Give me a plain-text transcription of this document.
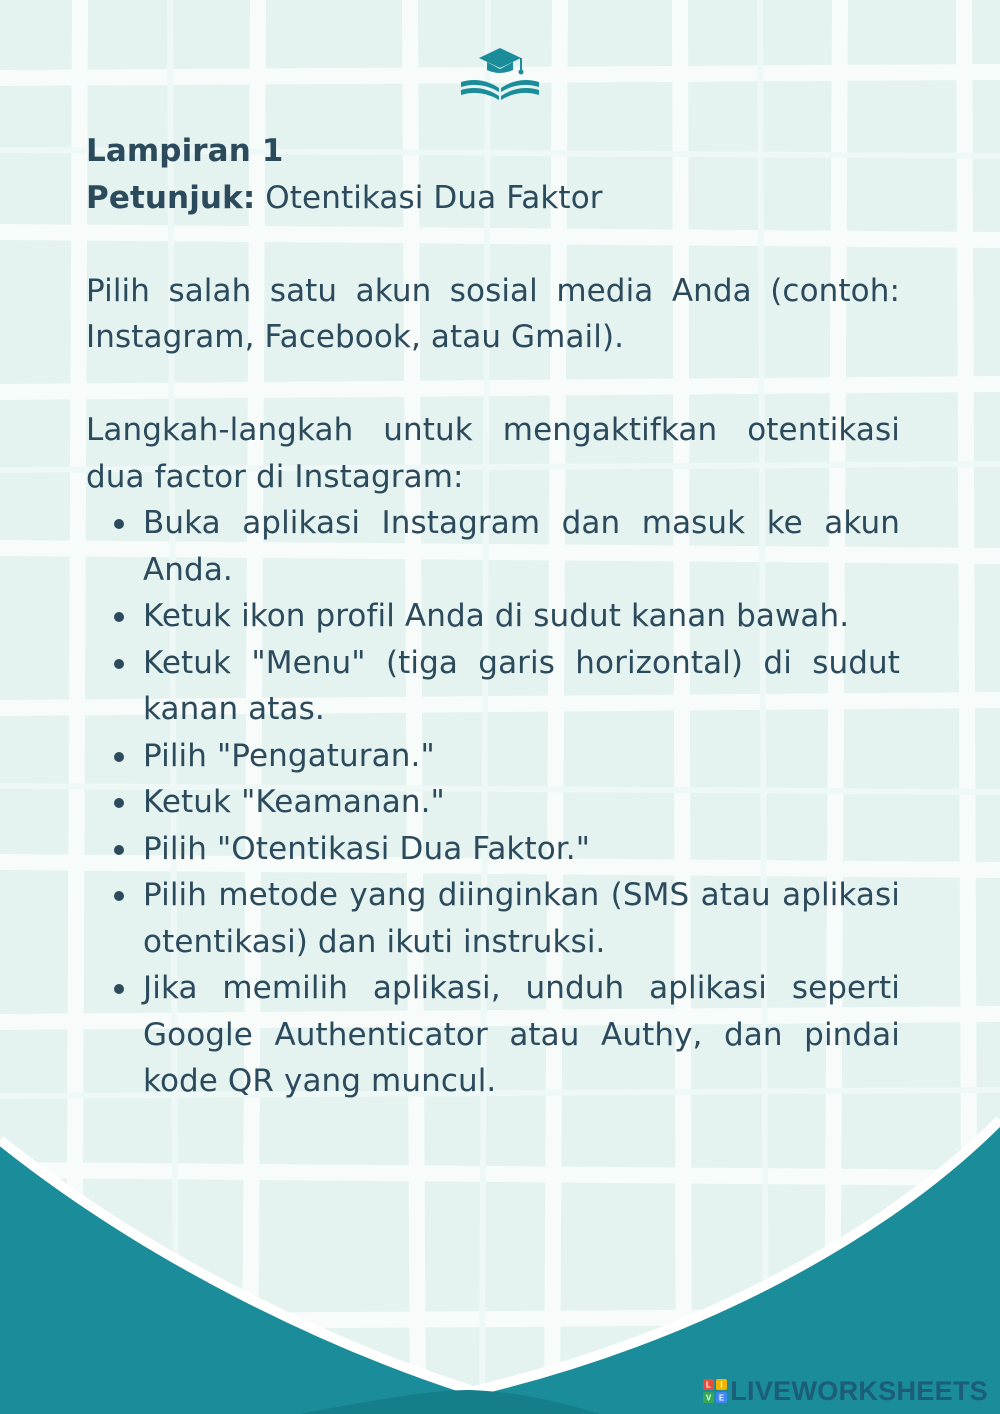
Lampiran 1

Petunjuk: Otentikasi Dua Faktor

Pilih salah satu akun sosial media Anda (contoh: Instagram, Facebook, atau Gmail).

Langkah-langkah untuk mengaktifkan otentikasi dua factor di Instagram:

Buka aplikasi Instagram dan masuk ke akun Anda.
Ketuk ikon profil Anda di sudut kanan bawah.
Ketuk "Menu" (tiga garis horizontal) di sudut kanan atas.
Pilih "Pengaturan."
Ketuk "Keamanan."
Pilih "Otentikasi Dua Faktor."
Pilih metode yang diinginkan (SMS atau aplikasi otentikasi) dan ikuti instruksi.
Jika memilih aplikasi, unduh aplikasi seperti Google Authenticator atau Authy, dan pindai kode QR yang muncul.
L I
V E LIVEWORKSHEETS
